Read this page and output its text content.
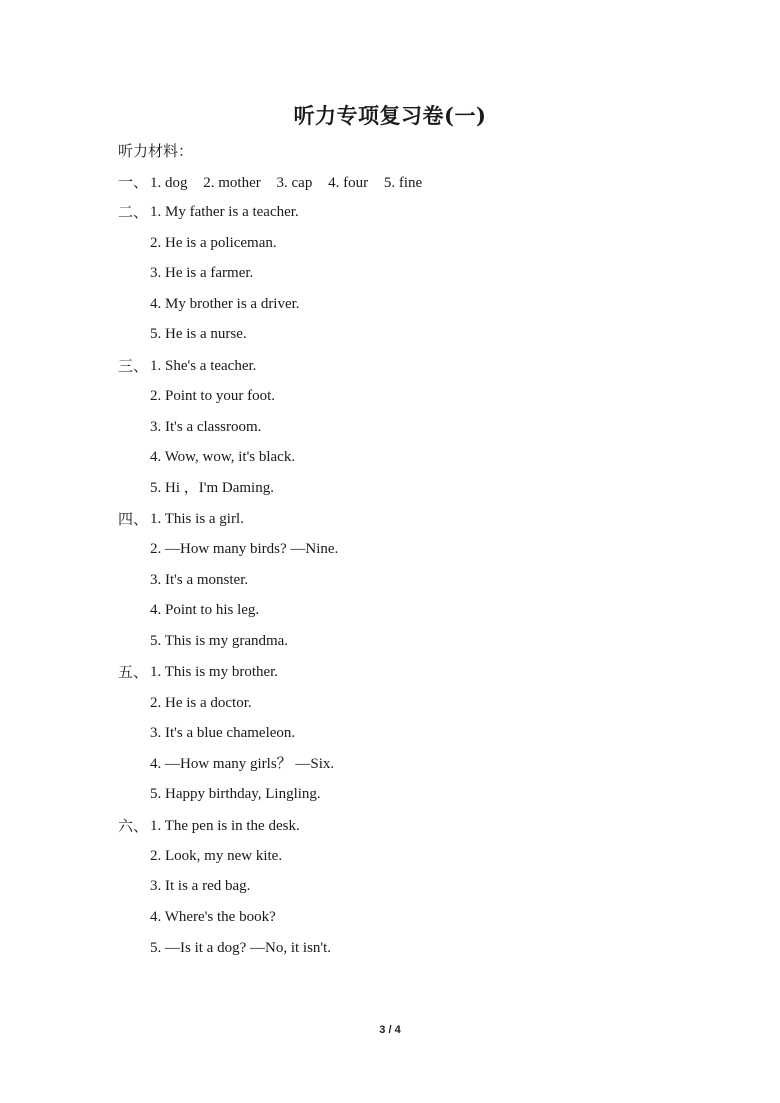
听力专项复习卷(一)
听力材料：
一、 1. dog 2. mother 3. cap 4. four 5. fine
二、 1. My father is a teacher.
2. He is a policeman.
3. He is a farmer.
4. My brother is a driver.
5. He is a nurse.
三、 1. She's a teacher.
2. Point to your foot.
3. It's a classroom.
4. Wow, wow, it's black.
5. Hi ，I'm Daming.
四、 1. This is a girl.
2. —How many birds? —Nine.
3. It's a monster.
4. Point to his leg.
5. This is my grandma.
五、 1. This is my brother.
2. He is a doctor.
3. It's a blue chameleon.
4. —How many girls？ —Six.
5. Happy birthday, Lingling.
六、 1. The pen is in the desk.
2. Look, my new kite.
3. It is a red bag.
4. Where's the book?
5. —Is it a dog? —No, it isn't.
3 / 4
